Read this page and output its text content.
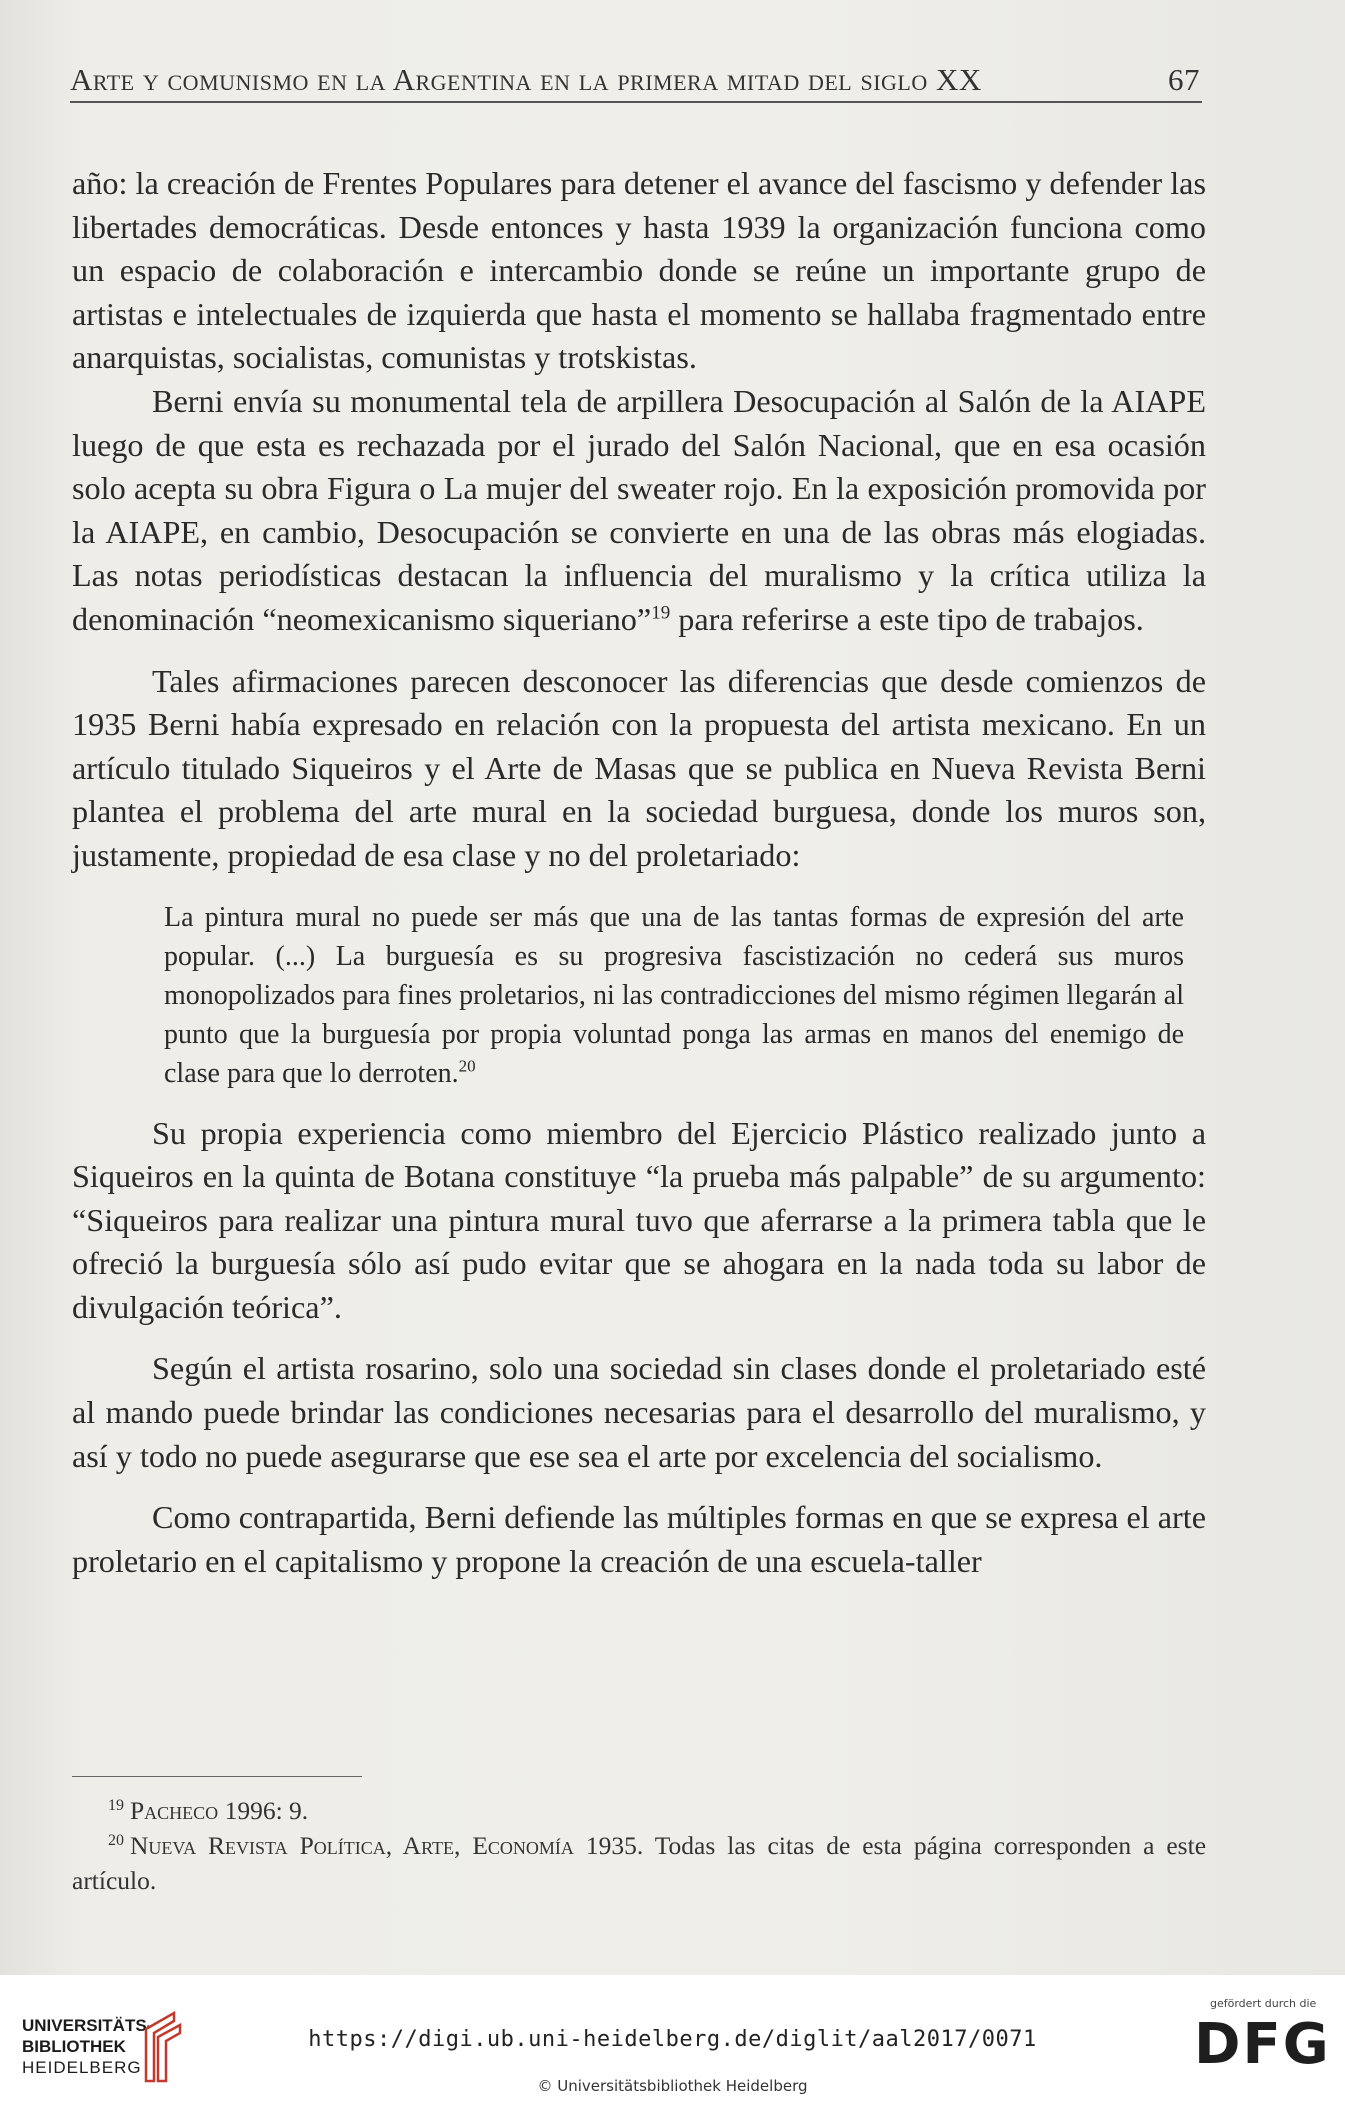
Arte y comunismo en la Argentina en la primera mitad del siglo XX	67

año: la creación de Frentes Populares para detener el avance del fascismo y defender las libertades democráticas. Desde entonces y hasta 1939 la organización funciona como un espacio de colaboración e intercambio donde se reúne un importante grupo de artistas e intelectuales de izquierda que hasta el momento se hallaba fragmentado entre anarquistas, socialistas, comunistas y trotskistas.

Berni envía su monumental tela de arpillera Desocupación al Salón de la AIAPE luego de que esta es rechazada por el jurado del Salón Nacional, que en esa ocasión solo acepta su obra Figura o La mujer del sweater rojo. En la exposición promovida por la AIAPE, en cambio, Desocupación se convierte en una de las obras más elogiadas. Las notas periodísticas destacan la influencia del muralismo y la crítica utiliza la denominación “neomexicanismo siqueriano”$^{19}$ para referirse a este tipo de trabajos.

Tales afirmaciones parecen desconocer las diferencias que desde comienzos de 1935 Berni había expresado en relación con la propuesta del artista mexicano. En un artículo titulado Siqueiros y el Arte de Masas que se publica en Nueva Revista Berni plantea el problema del arte mural en la sociedad burguesa, donde los muros son, justamente, propiedad de esa clase y no del proletariado:

La pintura mural no puede ser más que una de las tantas formas de expresión del arte popular. (...) La burguesía es su progresiva fascistización no cederá sus muros monopolizados para fines proletarios, ni las contradicciones del mismo régimen llegarán al punto que la burguesía por propia voluntad ponga las armas en manos del enemigo de clase para que lo derroten.$^{20}$

Su propia experiencia como miembro del Ejercicio Plástico realizado junto a Siqueiros en la quinta de Botana constituye “la prueba más palpable” de su argumento: “Siqueiros para realizar una pintura mural tuvo que aferrarse a la primera tabla que le ofreció la burguesía sólo así pudo evitar que se ahogara en la nada toda su labor de divulgación teórica”.

Según el artista rosarino, solo una sociedad sin clases donde el proletariado esté al mando puede brindar las condiciones necesarias para el desarrollo del muralismo, y así y todo no puede asegurarse que ese sea el arte por excelencia del socialismo.

Como contrapartida, Berni defiende las múltiples formas en que se expresa el arte proletario en el capitalismo y propone la creación de una escuela-taller

$^{19}$ Pacheco 1996: 9.

$^{20}$ Nueva Revista Política, Arte, Economía 1935. Todas las citas de esta página corresponden a este artículo.

UNIVERSITÄTS-
BIBLIOTHEK
HEIDELBERG
https://digi.ub.uni-heidelberg.de/diglit/aal2017/0071
© Universitätsbibliothek Heidelberg
gefördert durch die
DFG
